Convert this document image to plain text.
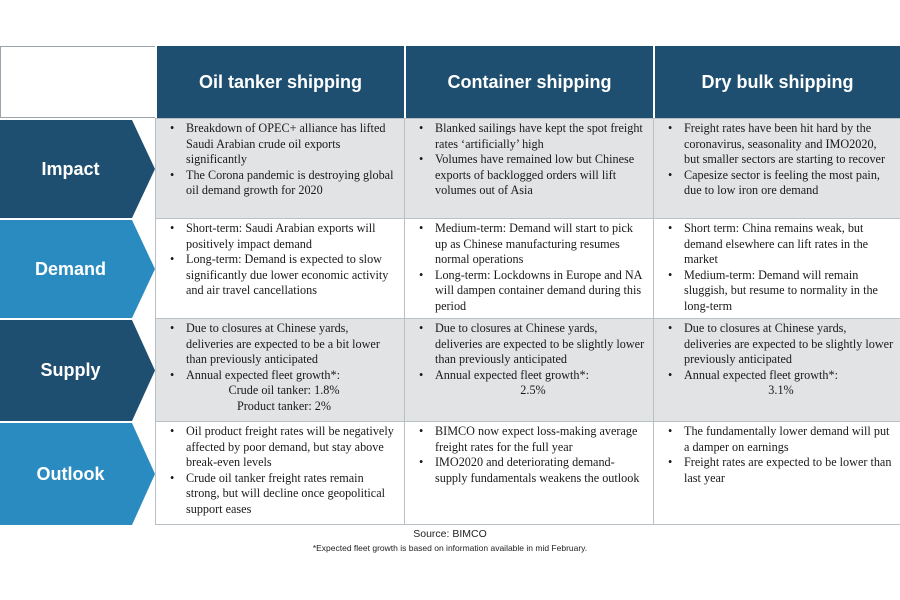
Oil tanker shipping	Container shipping	Dry bulk shipping
Impact
• Breakdown of OPEC+ alliance has lifted Saudi Arabian crude oil exports significantly
• The Corona pandemic is destroying global oil demand growth for 2020
• Blanked sailings have kept the spot freight rates ‘artificially’ high
• Volumes have remained low but Chinese exports of backlogged orders will lift volumes out of Asia
• Freight rates have been hit hard by the coronavirus, seasonality and IMO2020, but smaller sectors are starting to recover
• Capesize sector is feeling the most pain, due to low iron ore demand
Demand
• Short-term: Saudi Arabian exports will positively impact demand
• Long-term: Demand is expected to slow significantly due lower economic activity and air travel cancellations
• Medium-term: Demand will start to pick up as Chinese manufacturing resumes normal operations
• Long-term: Lockdowns in Europe and NA will dampen container demand during this period
• Short term: China remains weak, but demand elsewhere can lift rates in the market
• Medium-term: Demand will remain sluggish, but resume to normality in the long-term
Supply
• Due to closures at Chinese yards, deliveries are expected to be a bit lower than previously anticipated
• Annual expected fleet growth*:
Crude oil tanker: 1.8%
Product tanker: 2%
• Due to closures at Chinese yards, deliveries are expected to be slightly lower than previously anticipated
• Annual expected fleet growth*:
2.5%
• Due to closures at Chinese yards, deliveries are expected to be slightly lower previously anticipated
• Annual expected fleet growth*:
3.1%
Outlook
• Oil product freight rates will be negatively affected by poor demand, but stay above break-even levels
• Crude oil tanker freight rates remain strong, but will decline once geopolitical support eases
• BIMCO now expect loss-making average freight rates for the full year
• IMO2020 and deteriorating demand-supply fundamentals weakens the outlook
• The fundamentally lower demand will put a damper on earnings
• Freight rates are expected to be lower than last year
Source: BIMCO
*Expected fleet growth is based on information available in mid February.
